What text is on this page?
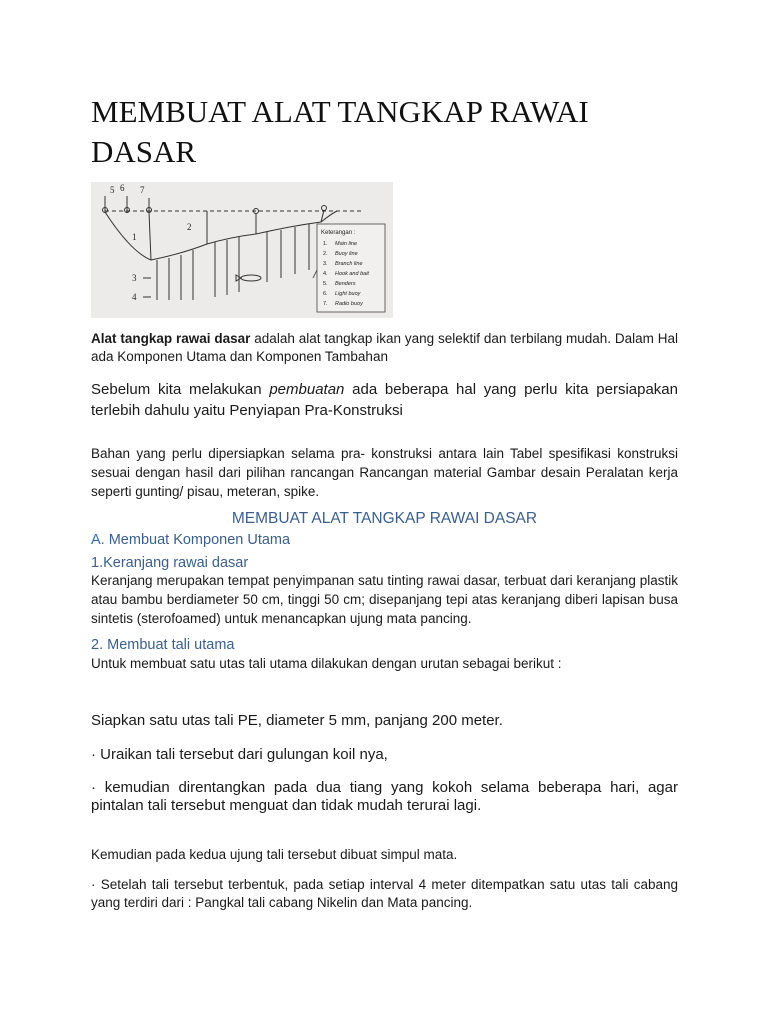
MEMBUAT ALAT TANGKAP RAWAI DASAR
5 6 7
1
2
3
4
Keterangan :
1. Main line
2. Buoy line
3. Branch line
4. Hook and bait
5. Benders
6. Light buoy
7. Radio buoy

Alat tangkap rawai dasar adalah alat tangkap ikan yang selektif dan terbilang mudah. Dalam Hal ada Komponen Utama dan Komponen Tambahan

Sebelum kita melakukan pembuatan ada beberapa hal yang perlu kita persiapakan terlebih dahulu yaitu Penyiapan Pra-Konstruksi

Bahan yang perlu dipersiapkan selama pra- konstruksi antara lain Tabel spesifikasi konstruksi sesuai dengan hasil dari pilihan rancangan Rancangan material Gambar desain Peralatan kerja seperti gunting/ pisau, meteran, spike.

MEMBUAT ALAT TANGKAP RAWAI DASAR
A. Membuat Komponen Utama
1.Keranjang rawai dasar

Keranjang merupakan tempat penyimpanan satu tinting rawai dasar, terbuat dari keranjang plastik atau bambu berdiameter 50 cm, tinggi 50 cm; disepanjang tepi atas keranjang diberi lapisan busa sintetis (sterofoamed) untuk menancapkan ujung mata pancing.

2. Membuat tali utama

Untuk membuat satu utas tali utama dilakukan dengan urutan sebagai berikut :

Siapkan satu utas tali PE, diameter 5 mm, panjang 200 meter.

· Uraikan tali tersebut dari gulungan koil nya,

· kemudian direntangkan pada dua tiang yang kokoh selama beberapa hari, agar pintalan tali tersebut menguat dan tidak mudah terurai lagi.

Kemudian pada kedua ujung tali tersebut dibuat simpul mata.

· Setelah tali tersebut terbentuk, pada setiap interval 4 meter ditempatkan satu utas tali cabang yang terdiri dari : Pangkal tali cabang Nikelin dan Mata pancing.
